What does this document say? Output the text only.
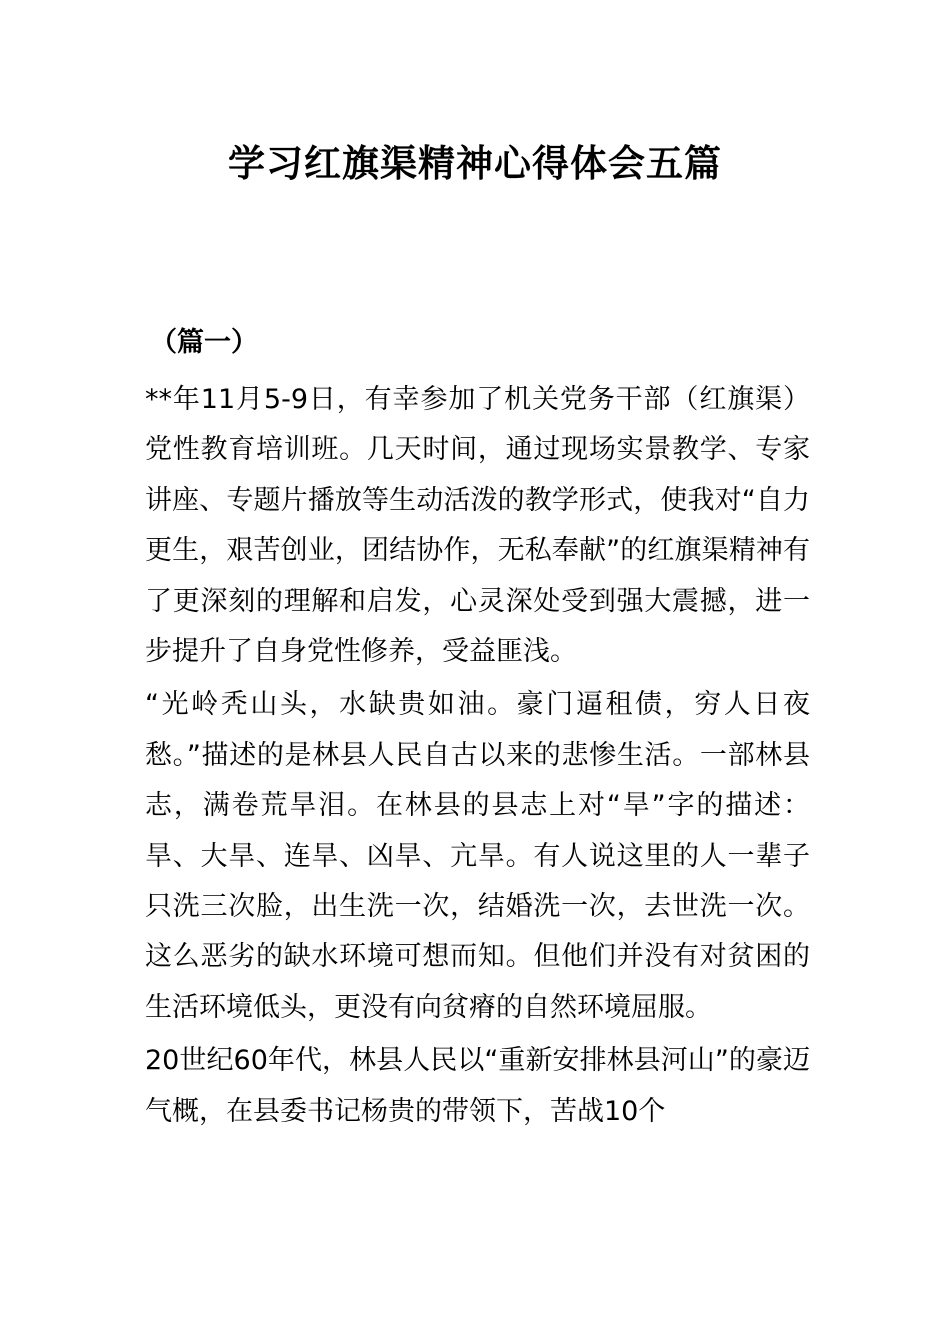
学习红旗渠精神心得体会五篇
（篇一）

**年11月5-9日，有幸参加了机关党务干部（红旗渠）党性教育培训班。几天时间，通过现场实景教学、专家讲座、专题片播放等生动活泼的教学形式，使我对“自力更生，艰苦创业，团结协作，无私奉献”的红旗渠精神有了更深刻的理解和启发，心灵深处受到强大震撼，进一步提升了自身党性修养，受益匪浅。

“光岭秃山头，水缺贵如油。豪门逼租债，穷人日夜愁。”描述的是林县人民自古以来的悲惨生活。一部林县志，满卷荒旱泪。在林县的县志上对“旱”字的描述：旱、大旱、连旱、凶旱、亢旱。有人说这里的人一辈子只洗三次脸，出生洗一次，结婚洗一次，去世洗一次。这么恶劣的缺水环境可想而知。但他们并没有对贫困的生活环境低头，更没有向贫瘠的自然环境屈服。

20世纪60年代，林县人民以“重新安排林县河山”的豪迈气概，在县委书记杨贵的带领下，苦战10个
